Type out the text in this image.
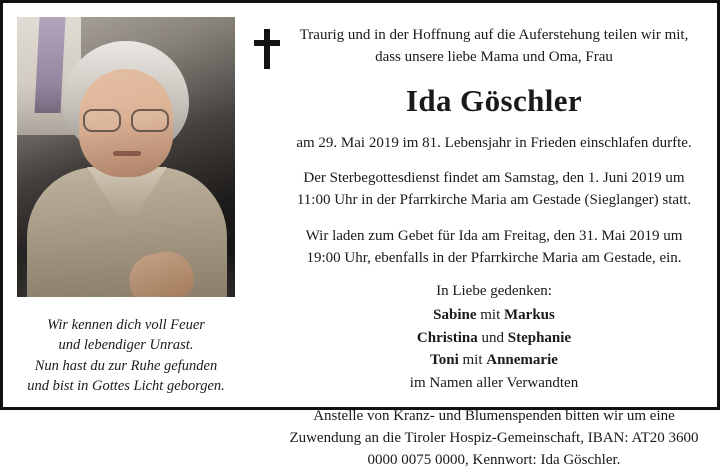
Wir kennen dich voll Feuer
und lebendiger Unrast.
Nun hast du zur Ruhe gefunden
und bist in Gottes Licht geborgen.

Traurig und in der Hoffnung auf die Auferstehung teilen wir mit, dass unsere liebe Mama und Oma, Frau

Ida Göschler

am 29. Mai 2019 im 81. Lebensjahr in Frieden einschlafen durfte.

Der Sterbegottesdienst findet am Samstag, den 1. Juni 2019 um 11:00 Uhr in der Pfarrkirche Maria am Gestade (Sieglanger) statt.

Wir laden zum Gebet für Ida am Freitag, den 31. Mai 2019 um 19:00 Uhr, ebenfalls in der Pfarrkirche Maria am Gestade, ein.

In Liebe gedenken:
Sabine mit Markus
Christina und Stephanie
Toni mit Annemarie
im Namen aller Verwandten

Anstelle von Kranz- und Blumenspenden bitten wir um eine Zuwendung an die Tiroler Hospiz-Gemeinschaft, IBAN: AT20 3600 0000 0075 0000, Kennwort: Ida Göschler.
